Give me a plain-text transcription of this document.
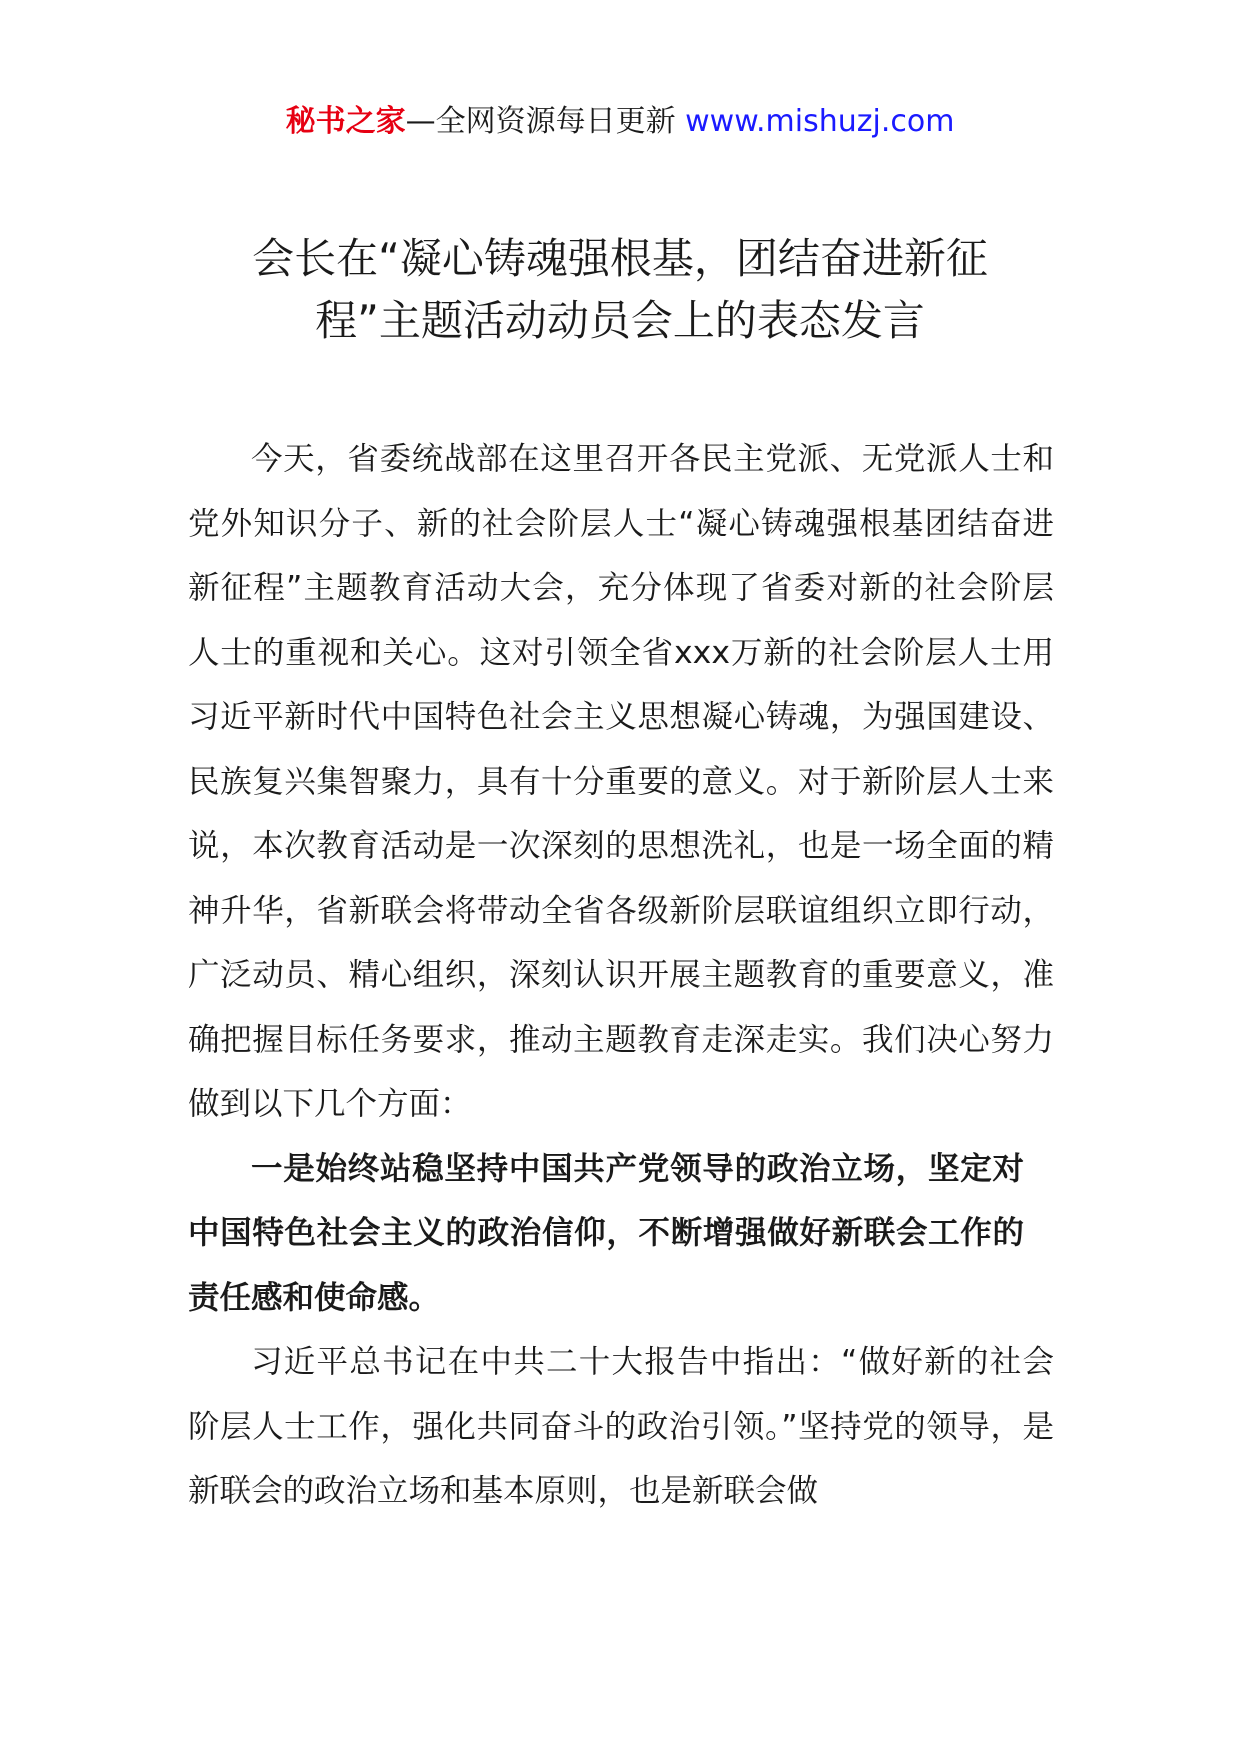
秘书之家—全网资源每日更新 www.mishuzj.com
会长在“凝心铸魂强根基，团结奋进新征
程”主题活动动员会上的表态发言

今天，省委统战部在这里召开各民主党派、无党派人士和党外知识分子、新的社会阶层人士“凝心铸魂强根基团结奋进新征程”主题教育活动大会，充分体现了省委对新的社会阶层人士的重视和关心。这对引领全省xxx万新的社会阶层人士用习近平新时代中国特色社会主义思想凝心铸魂，为强国建设、民族复兴集智聚力，具有十分重要的意义。对于新阶层人士来说，本次教育活动是一次深刻的思想洗礼，也是一场全面的精神升华，省新联会将带动全省各级新阶层联谊组织立即行动，广泛动员、精心组织，深刻认识开展主题教育的重要意义，准确把握目标任务要求，推动主题教育走深走实。我们决心努力做到以下几个方面：

一是始终站稳坚持中国共产党领导的政治立场，坚定对中国特色社会主义的政治信仰，不断增强做好新联会工作的责任感和使命感。

习近平总书记在中共二十大报告中指出：“做好新的社会阶层人士工作，强化共同奋斗的政治引领。”坚持党的领导，是新联会的政治立场和基本原则，也是新联会做
